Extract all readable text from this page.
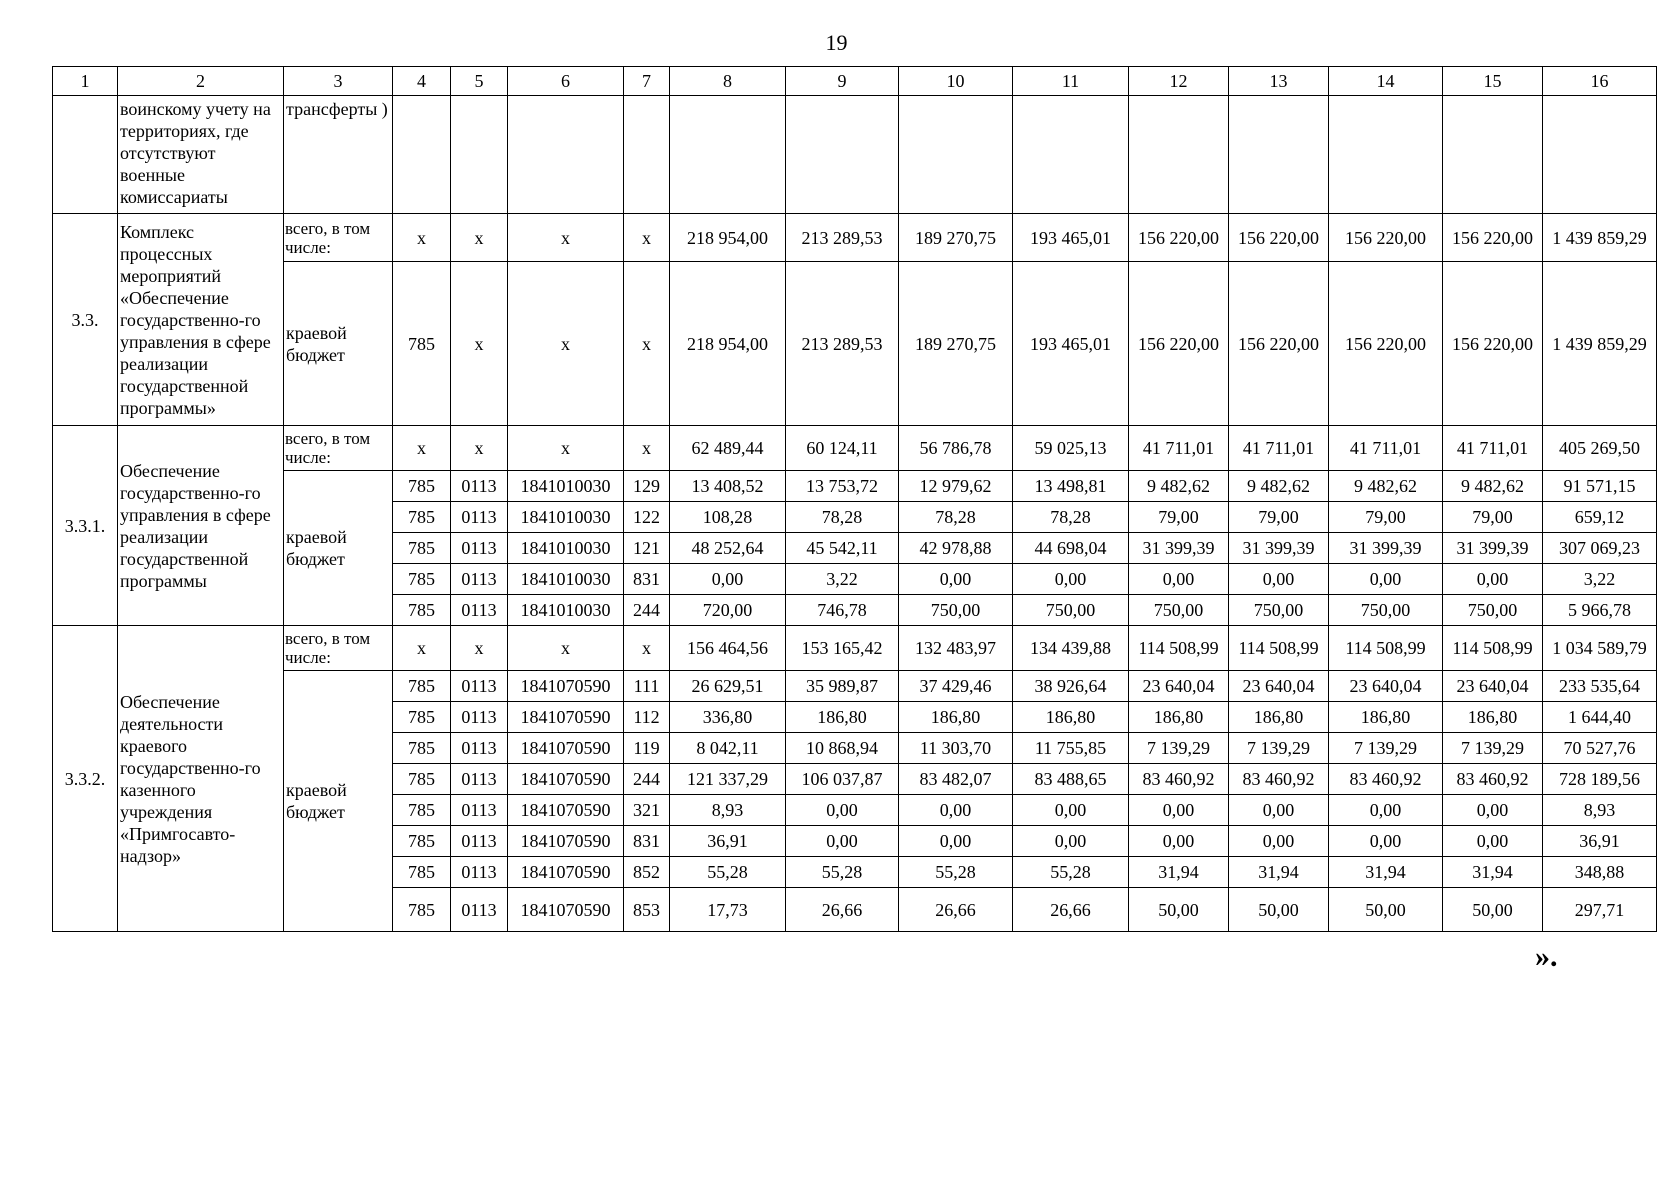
19
1	2	3	4	5	6	7	8	9	10	11	12	13	14	15	16
	воинскому учету на территориях, где отсутствуют военные комиссариаты	трансферты )													
3.3.	Комплекс процессных мероприятий «Обеспечение государственно-го управления в сфере реализации государственной программы»	всего, в том числе:	х	х	х	х	218 954,00	213 289,53	189 270,75	193 465,01	156 220,00	156 220,00	156 220,00	156 220,00	1 439 859,29
		краевой бюджет	785	х	х	х	218 954,00	213 289,53	189 270,75	193 465,01	156 220,00	156 220,00	156 220,00	156 220,00	1 439 859,29
3.3.1.	Обеспечение государственно-го управления в сфере реализации государственной программы	всего, в том числе:	х	х	х	х	62 489,44	60 124,11	56 786,78	59 025,13	41 711,01	41 711,01	41 711,01	41 711,01	405 269,50
		краевой бюджет	785	0113	1841010030	129	13 408,52	13 753,72	12 979,62	13 498,81	9 482,62	9 482,62	9 482,62	9 482,62	91 571,15
			785	0113	1841010030	122	108,28	78,28	78,28	78,28	79,00	79,00	79,00	79,00	659,12
			785	0113	1841010030	121	48 252,64	45 542,11	42 978,88	44 698,04	31 399,39	31 399,39	31 399,39	31 399,39	307 069,23
			785	0113	1841010030	831	0,00	3,22	0,00	0,00	0,00	0,00	0,00	0,00	3,22
			785	0113	1841010030	244	720,00	746,78	750,00	750,00	750,00	750,00	750,00	750,00	5 966,78
3.3.2.	Обеспечение деятельности краевого государственно-го казенного учреждения «Примгосавто-надзор»	всего, в том числе:	х	х	х	х	156 464,56	153 165,42	132 483,97	134 439,88	114 508,99	114 508,99	114 508,99	114 508,99	1 034 589,79
		краевой бюджет	785	0113	1841070590	111	26 629,51	35 989,87	37 429,46	38 926,64	23 640,04	23 640,04	23 640,04	23 640,04	233 535,64
			785	0113	1841070590	112	336,80	186,80	186,80	186,80	186,80	186,80	186,80	186,80	1 644,40
			785	0113	1841070590	119	8 042,11	10 868,94	11 303,70	11 755,85	7 139,29	7 139,29	7 139,29	7 139,29	70 527,76
			785	0113	1841070590	244	121 337,29	106 037,87	83 482,07	83 488,65	83 460,92	83 460,92	83 460,92	83 460,92	728 189,56
			785	0113	1841070590	321	8,93	0,00	0,00	0,00	0,00	0,00	0,00	0,00	8,93
			785	0113	1841070590	831	36,91	0,00	0,00	0,00	0,00	0,00	0,00	0,00	36,91
			785	0113	1841070590	852	55,28	55,28	55,28	55,28	31,94	31,94	31,94	31,94	348,88
			785	0113	1841070590	853	17,73	26,66	26,66	26,66	50,00	50,00	50,00	50,00	297,71
».
